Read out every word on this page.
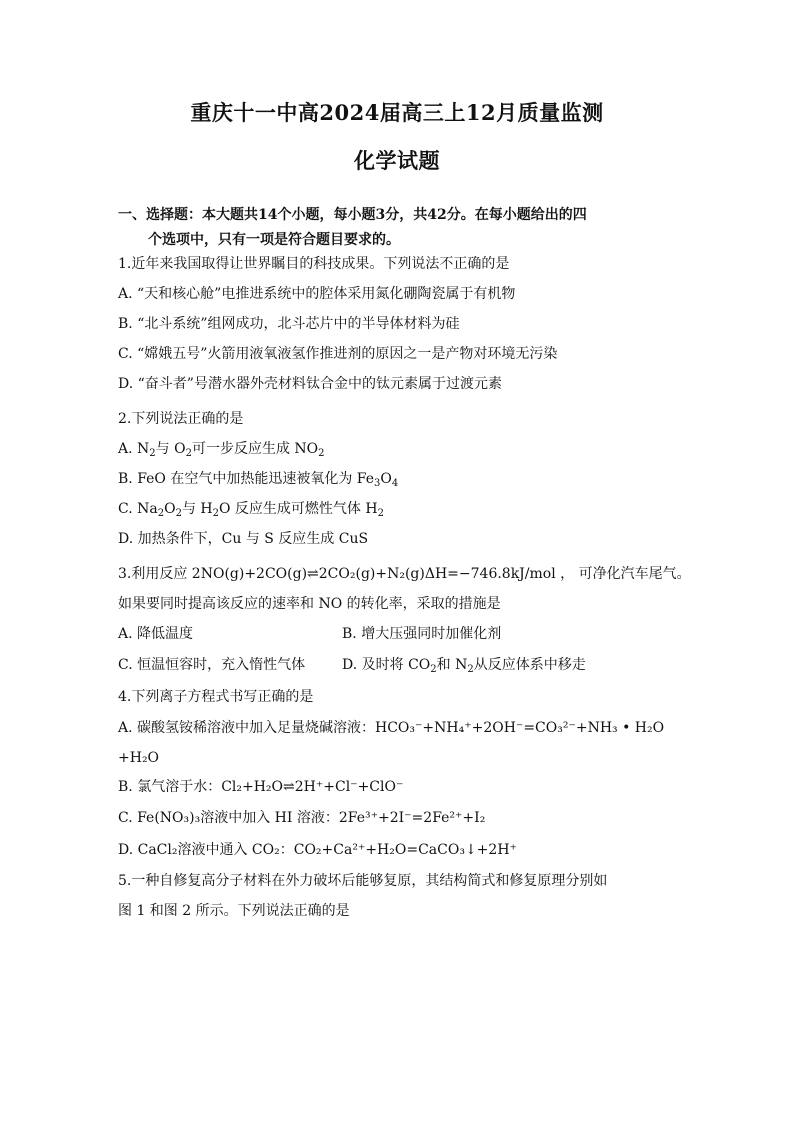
重庆十一中高2024届高三上12月质量监测
化学试题
一、选择题：本大题共14个小题，每小题3分，共42分。在每小题给出的四
个选项中，只有一项是符合题目要求的。
1.近年来我国取得让世界瞩目的科技成果。下列说法不正确的是
A. “天和核心舱”电推进系统中的腔体采用氮化硼陶瓷属于有机物
B. “北斗系统”组网成功，北斗芯片中的半导体材料为硅
C. “嫦娥五号”火箭用液氧液氢作推进剂的原因之一是产物对环境无污染
D. “奋斗者”号潜水器外壳材料钛合金中的钛元素属于过渡元素
2.下列说法正确的是
A. $N_2$与 $O_2$可一步反应生成 $NO_2$
B. FeO 在空气中加热能迅速被氧化为 $Fe_3O_4$
C. $Na_2O_2$与 $H_2O$ 反应生成可燃性气体 $H_2$
D. 加热条件下，Cu 与 S 反应生成 CuS
3.利用反应 2NO(g)+2CO(g)⇌2CO₂(g)+N₂(g)ΔH=−746.8kJ/mol ， 可净化汽车尾气。
如果要同时提高该反应的速率和 NO 的转化率，采取的措施是
A. 降低温度	B. 增大压强同时加催化剂
C. 恒温恒容时，充入惰性气体	D. 及时将 $CO_2$和 $N_2$从反应体系中移走
4.下列离子方程式书写正确的是
A. 碳酸氢铵稀溶液中加入足量烧碱溶液：HCO₃⁻+NH₄⁺+2OH⁻=CO₃²⁻+NH₃ • H₂O
+H₂O
B. 氯气溶于水：Cl₂+H₂O⇌2H⁺+Cl⁻+ClO⁻
C. Fe(NO₃)₃溶液中加入 HI 溶液：2Fe³⁺+2I⁻=2Fe²⁺+I₂
D. CaCl₂溶液中通入 CO₂：CO₂+Ca²⁺+H₂O=CaCO₃↓+2H⁺
5.一种自修复高分子材料在外力破坏后能够复原，其结构简式和修复原理分别如
图 1 和图 2 所示。下列说法正确的是
